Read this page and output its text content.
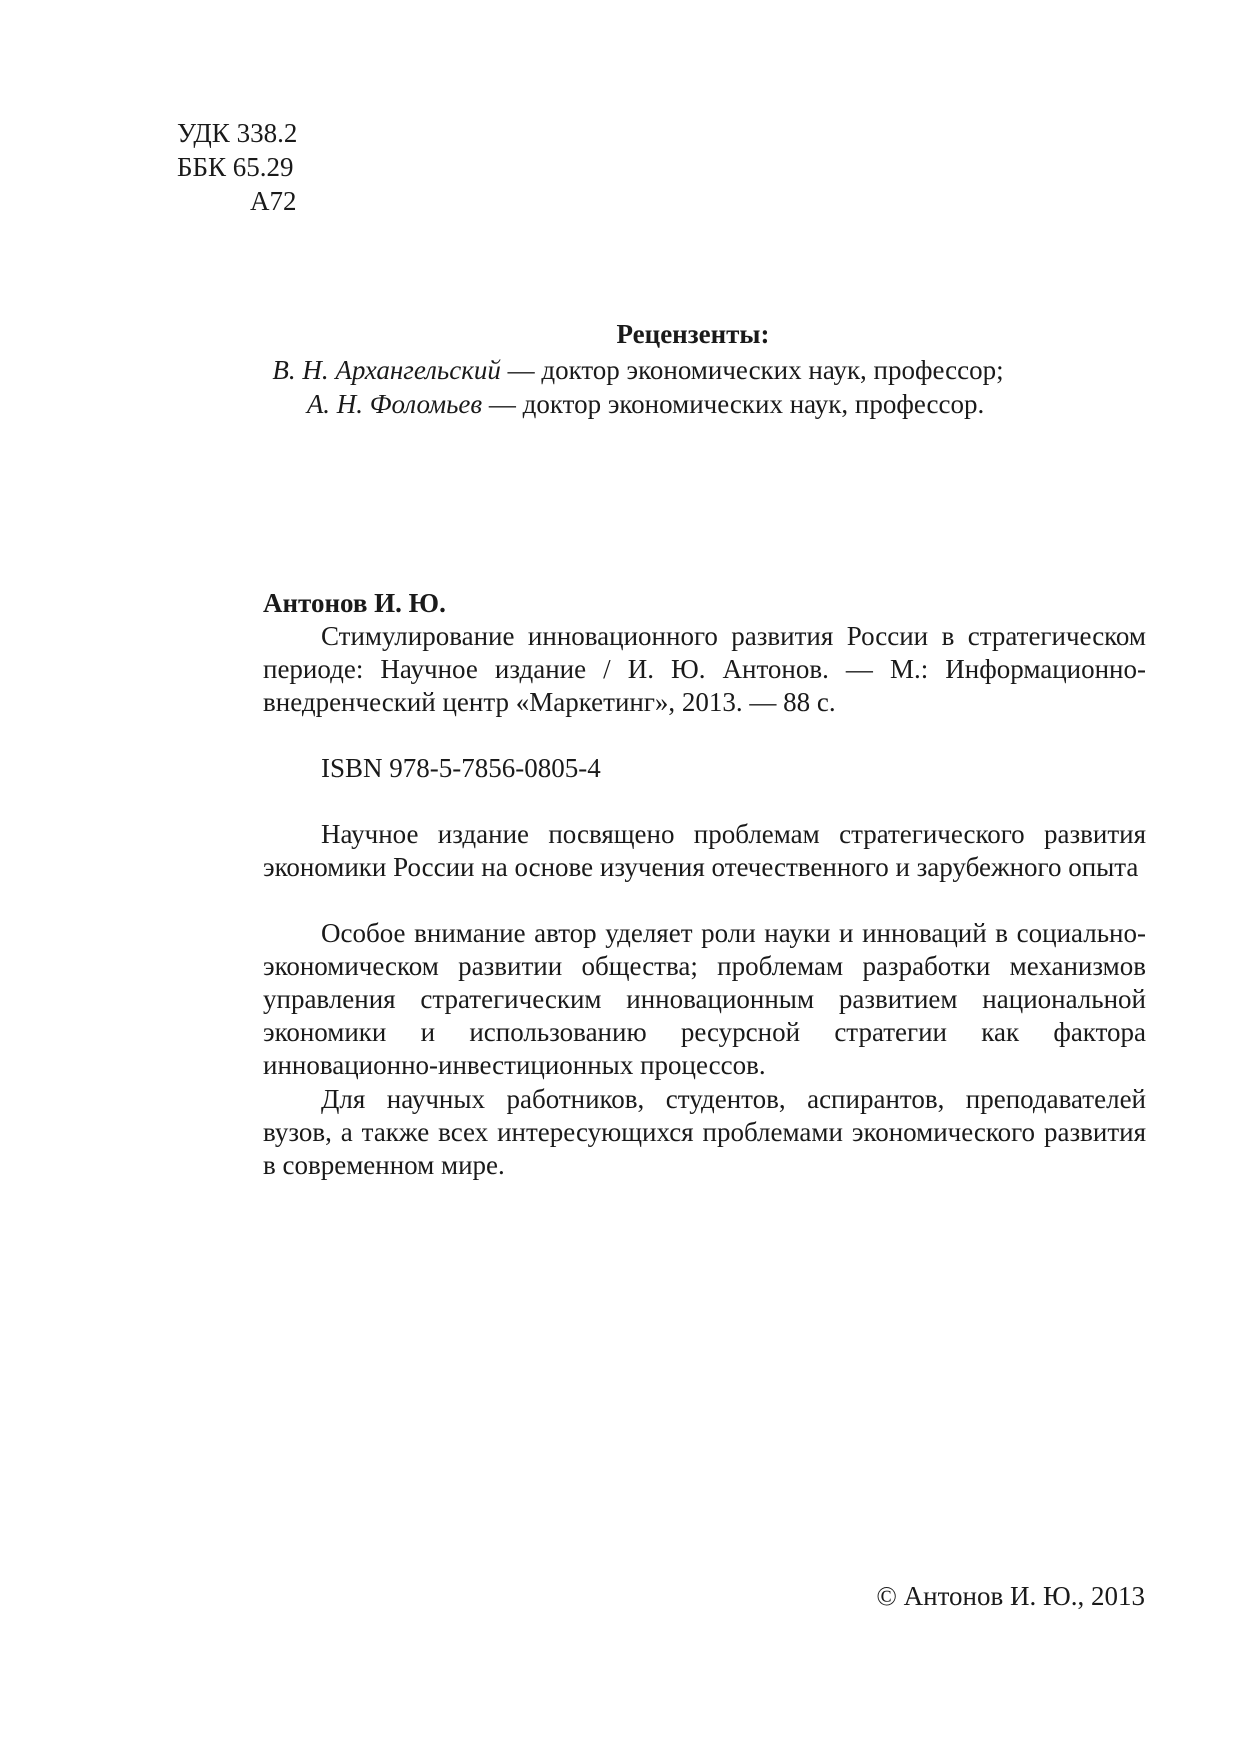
УДК 338.2
ББК 65.29
А72
Рецензенты:
В. Н. Архангельский — доктор экономических наук, профессор;
А. Н. Фоломьев — доктор экономических наук, профессор.
Антонов И. Ю.

Стимулирование инновационного развития России в стратегическом периоде: Научное издание / И. Ю. Антонов. — М.: Информационно-внедренческий центр «Маркетинг», 2013. — 88 с.

ISBN 978-5-7856-0805-4

Научное издание посвящено проблемам стратегического развития экономики России на основе изучения отечественного и зарубежного опыта

Особое внимание автор уделяет роли науки и инноваций в социально-экономическом развитии общества; проблемам разработки механизмов управления стратегическим инновационным развитием национальной экономики и использованию ресурсной стратегии как фактора инновационно-инвестиционных процессов.

Для научных работников, студентов, аспирантов, преподавателей вузов, а также всех интересующихся проблемами экономического развития в современном мире.

© Антонов И. Ю., 2013
